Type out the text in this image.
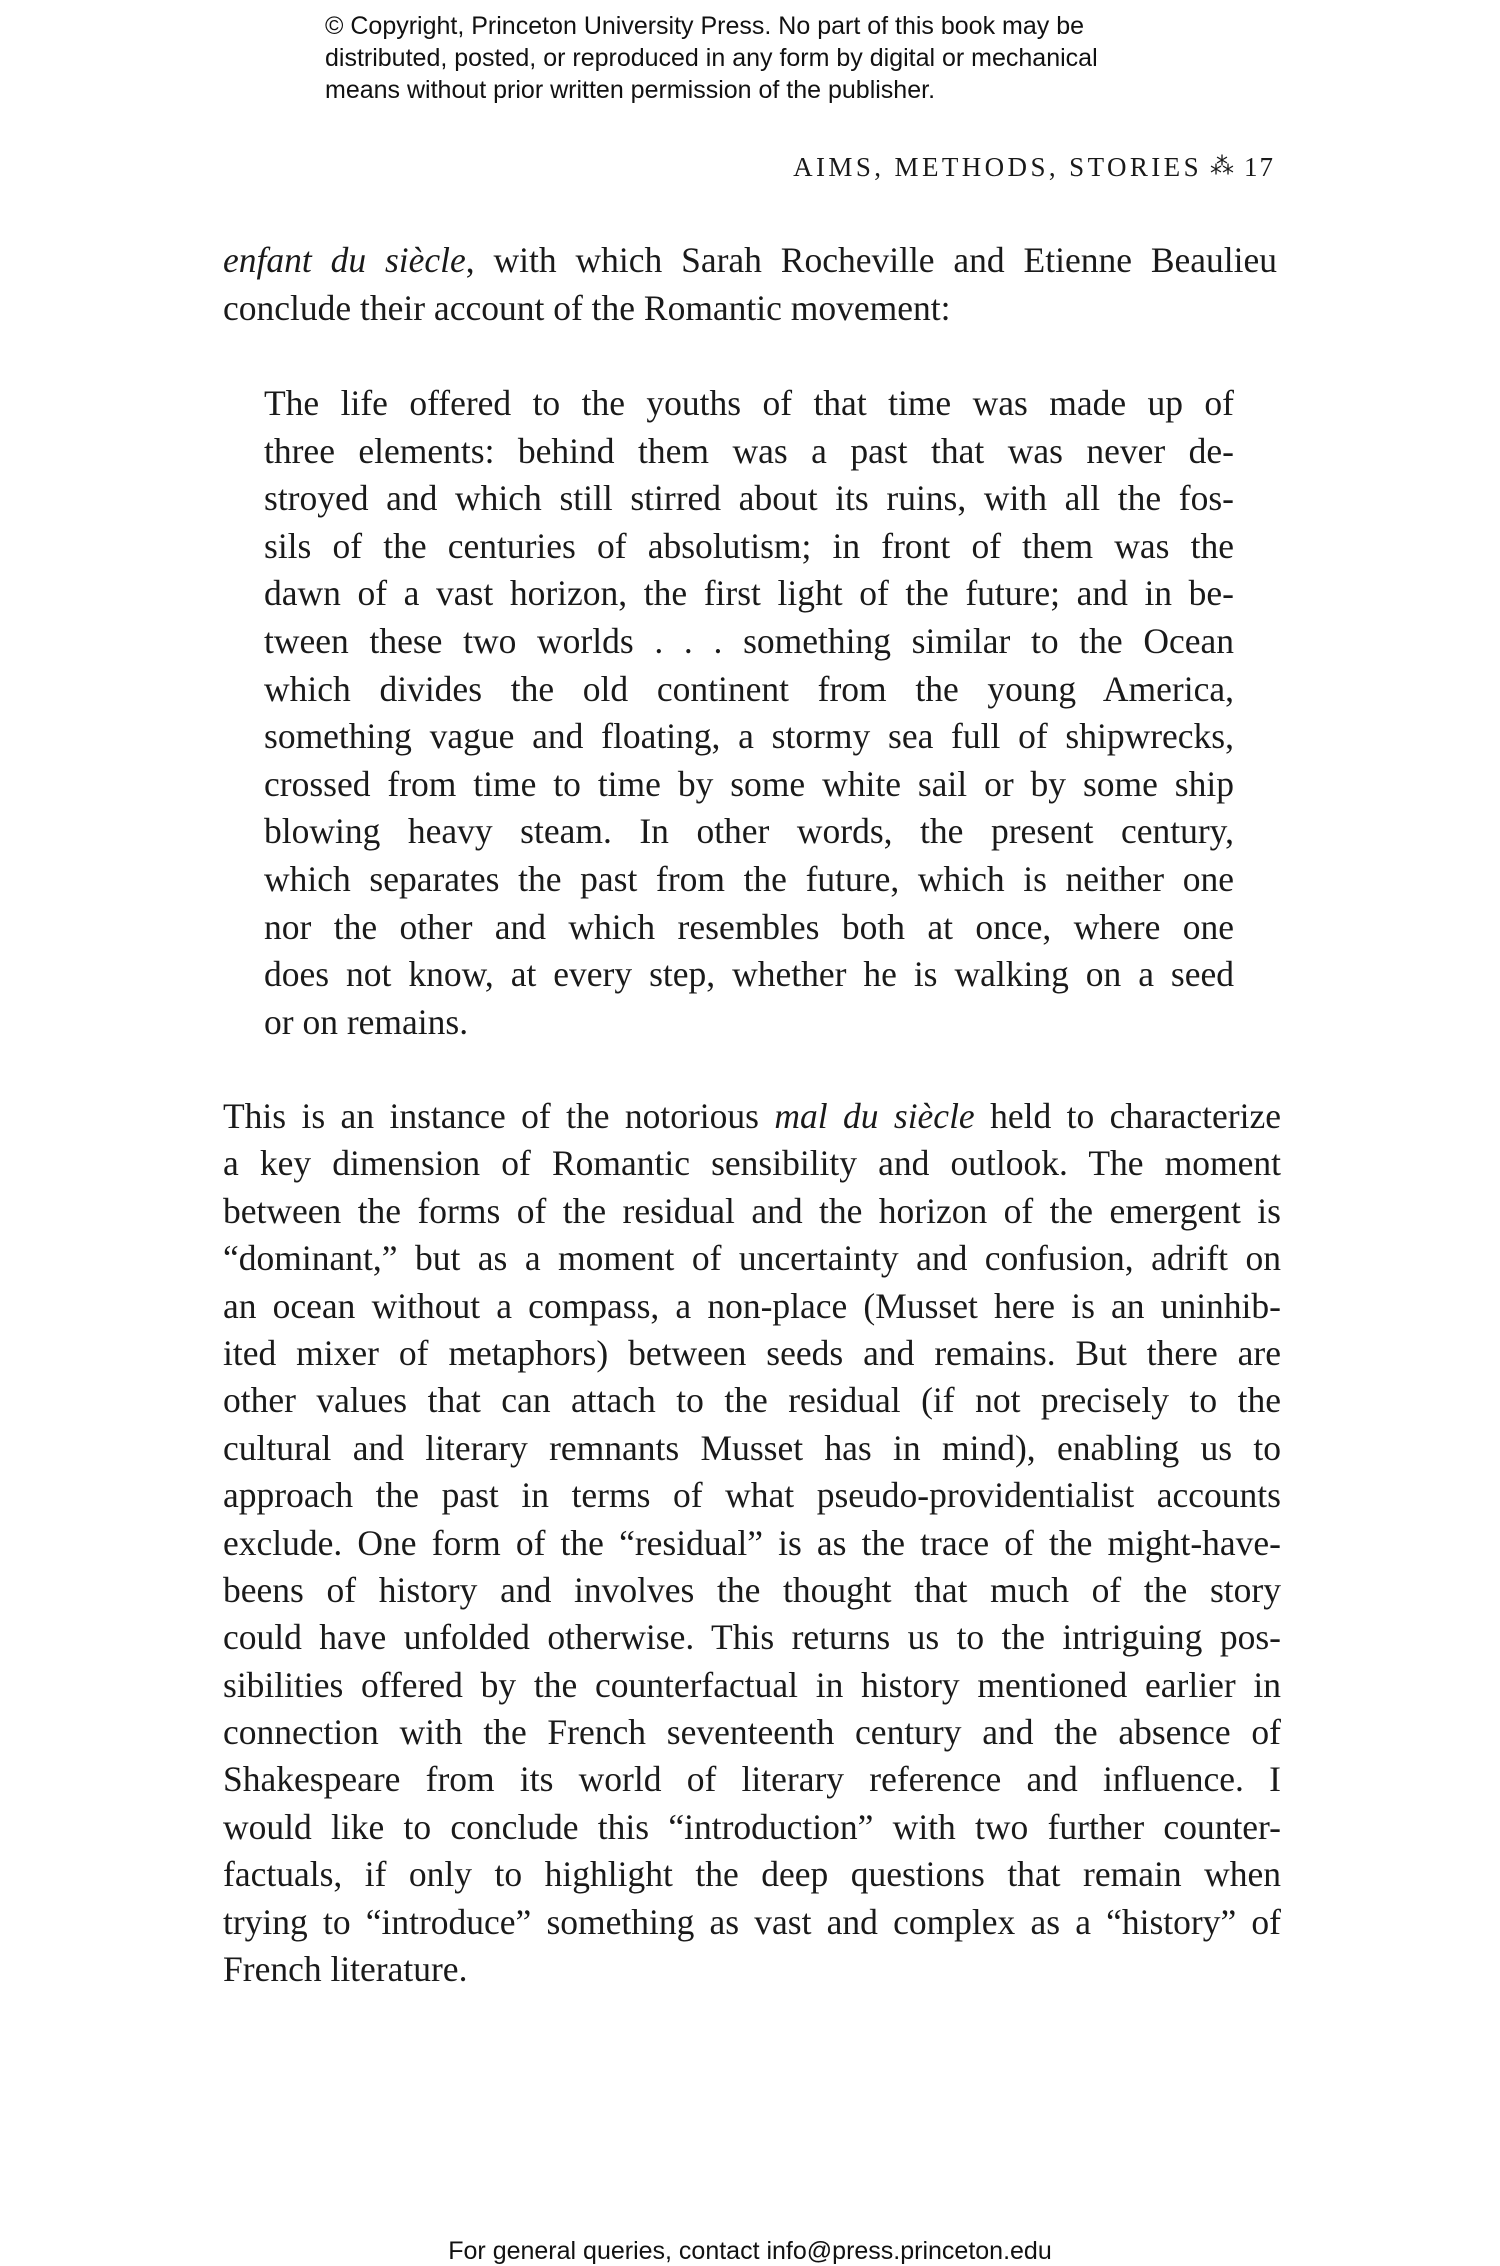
© Copyright, Princeton University Press. No part of this book may be
distributed, posted, or reproduced in any form by digital or mechanical
means without prior written permission of the publisher.
AIMS, METHODS, STORIES ⁂ 17
enfant du siècle, with which Sarah Rocheville and Etienne Beaulieu
conclude their account of the Romantic movement:
The life offered to the youths of that time was made up of
three elements: behind them was a past that was never de-
stroyed and which still stirred about its ruins, with all the fos-
sils of the centuries of absolutism; in front of them was the
dawn of a vast horizon, the first light of the future; and in be-
tween these two worlds . . . something similar to the Ocean
which divides the old continent from the young America,
something vague and floating, a stormy sea full of shipwrecks,
crossed from time to time by some white sail or by some ship
blowing heavy steam. In other words, the present century,
which separates the past from the future, which is neither one
nor the other and which resembles both at once, where one
does not know, at every step, whether he is walking on a seed
or on remains.
This is an instance of the notorious mal du siècle held to characterize
a key dimension of Romantic sensibility and outlook. The moment
between the forms of the residual and the horizon of the emergent is
“dominant,” but as a moment of uncertainty and confusion, adrift on
an ocean without a compass, a non-place (Musset here is an uninhib-
ited mixer of metaphors) between seeds and remains. But there are
other values that can attach to the residual (if not precisely to the
cultural and literary remnants Musset has in mind), enabling us to
approach the past in terms of what pseudo-providentialist accounts
exclude. One form of the “residual” is as the trace of the might-have-
beens of history and involves the thought that much of the story
could have unfolded otherwise. This returns us to the intriguing pos-
sibilities offered by the counterfactual in history mentioned earlier in
connection with the French seventeenth century and the absence of
Shakespeare from its world of literary reference and influence. I
would like to conclude this “introduction” with two further counter-
factuals, if only to highlight the deep questions that remain when
trying to “introduce” something as vast and complex as a “history” of
French literature.
For general queries, contact info@press.princeton.edu
